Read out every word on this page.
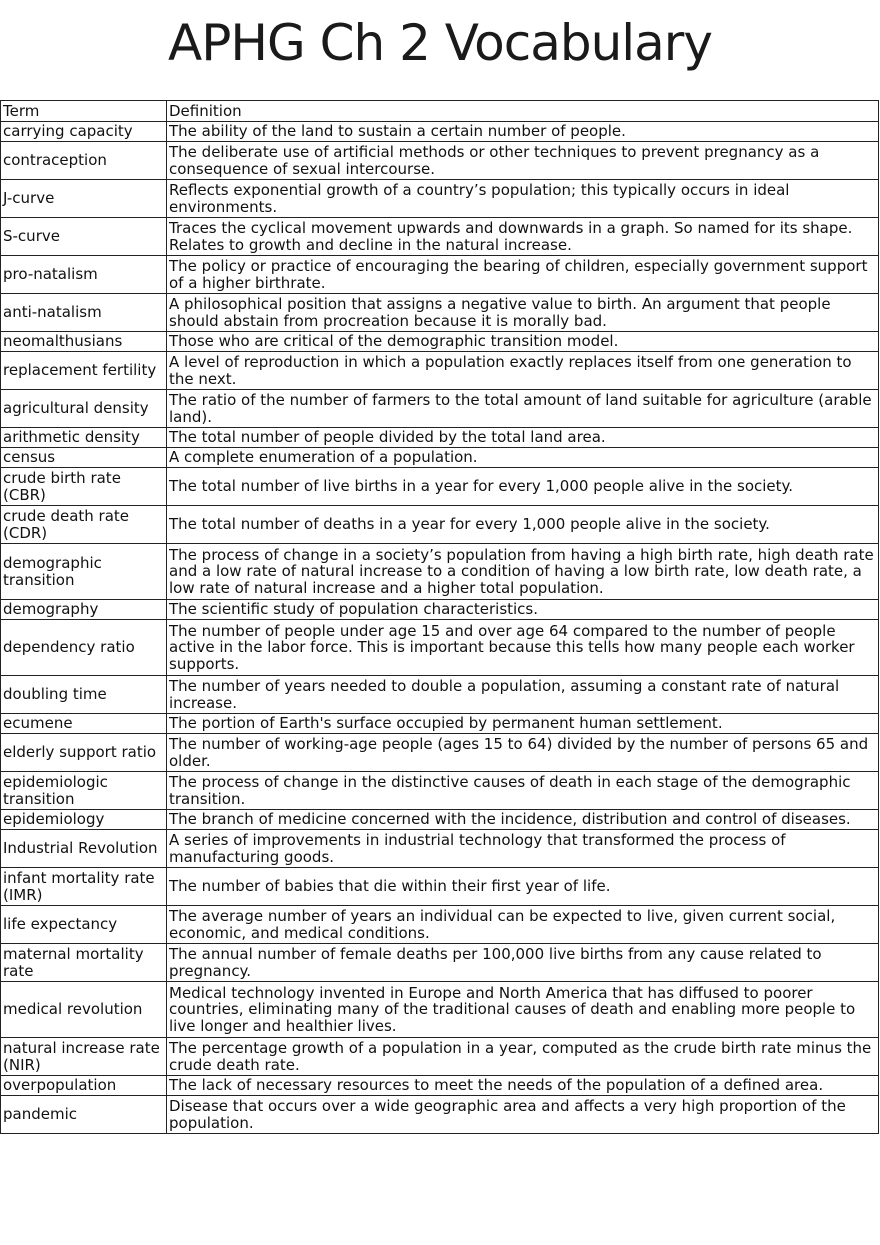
APHG Ch 2 Vocabulary
Term	Definition
carrying capacity	The ability of the land to sustain a certain number of people.
contraception	The deliberate use of artificial methods or other techniques to prevent pregnancy as a consequence of sexual intercourse.
J-curve	Reflects exponential growth of a country’s population; this typically occurs in ideal environments.
S-curve	Traces the cyclical movement upwards and downwards in a graph. So named for its shape. Relates to growth and decline in the natural increase.
pro-natalism	The policy or practice of encouraging the bearing of children, especially government support of a higher birthrate.
anti-natalism	A philosophical position that assigns a negative value to birth. An argument that people should abstain from procreation because it is morally bad.
neomalthusians	Those who are critical of the demographic transition model.
replacement fertility	A level of reproduction in which a population exactly replaces itself from one generation to the next.
agricultural density	The ratio of the number of farmers to the total amount of land suitable for agriculture (arable land).
arithmetic density	The total number of people divided by the total land area.
census	A complete enumeration of a population.
crude birth rate (CBR)	The total number of live births in a year for every 1,000 people alive in the society.
crude death rate (CDR)	The total number of deaths in a year for every 1,000 people alive in the society.
demographic transition	The process of change in a society’s population from having a high birth rate, high death rate and a low rate of natural increase to a condition of having a low birth rate, low death rate, a low rate of natural increase and a higher total population.
demography	The scientific study of population characteristics.
dependency ratio	The number of people under age 15 and over age 64 compared to the number of people active in the labor force. This is important because this tells how many people each worker supports.
doubling time	The number of years needed to double a population, assuming a constant rate of natural increase.
ecumene	The portion of Earth's surface occupied by permanent human settlement.
elderly support ratio	The number of working-age people (ages 15 to 64) divided by the number of persons 65 and older.
epidemiologic transition	The process of change in the distinctive causes of death in each stage of the demographic transition.
epidemiology	The branch of medicine concerned with the incidence, distribution and control of diseases.
Industrial Revolution	A series of improvements in industrial technology that transformed the process of manufacturing goods.
infant mortality rate (IMR)	The number of babies that die within their first year of life.
life expectancy	The average number of years an individual can be expected to live, given current social, economic, and medical conditions.
maternal mortality rate	The annual number of female deaths per 100,000 live births from any cause related to pregnancy.
medical revolution	Medical technology invented in Europe and North America that has diffused to poorer countries, eliminating many of the traditional causes of death and enabling more people to live longer and healthier lives.
natural increase rate (NIR)	The percentage growth of a population in a year, computed as the crude birth rate minus the crude death rate.
overpopulation	The lack of necessary resources to meet the needs of the population of a defined area.
pandemic	Disease that occurs over a wide geographic area and affects a very high proportion of the population.
